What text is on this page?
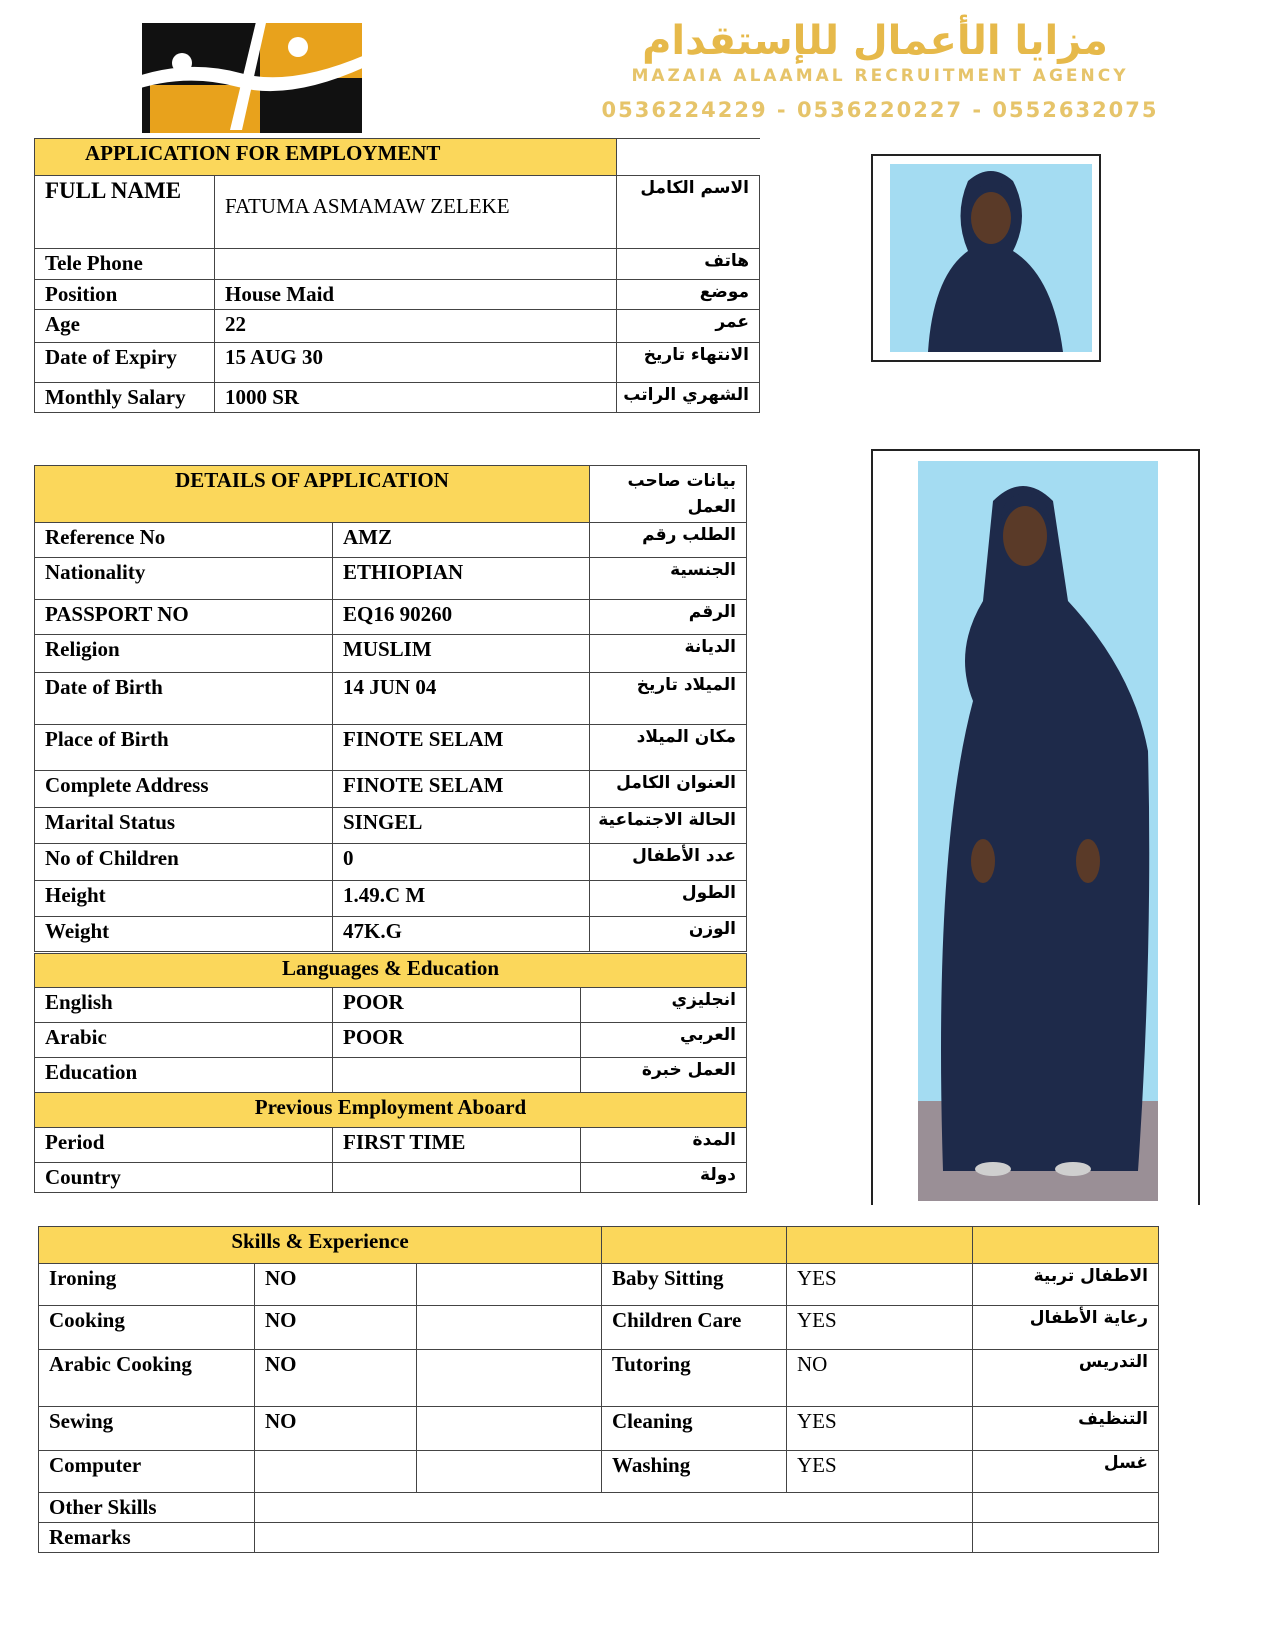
مزايا الأعمال للإستقدام
MAZAIA ALAAMAL RECRUITMENT AGENCY
0536224229 - 0536220227 - 0552632075
APPLICATION FOR EMPLOYMENT		
FULL NAME	FATUMA ASMAMAW ZELEKE	الاسم الكامل
Tele Phone		هاتف
Position	House Maid	موضع
Age	22	عمر
Date of Expiry	15 AUG 30	الانتهاء تاريخ
Monthly Salary	1000 SR	الشهري الراتب
DETAILS OF APPLICATION		بيانات صاحب العمل
Reference No	AMZ	الطلب رقم
Nationality	ETHIOPIAN	الجنسية
PASSPORT NO	EQ16 90260	الرقم
Religion	MUSLIM	الديانة
Date of Birth	14 JUN 04	الميلاد تاريخ
Place of Birth	FINOTE SELAM	مكان الميلاد
Complete Address	FINOTE SELAM	العنوان الكامل
Marital Status	SINGEL	الحالة الاجتماعية
No of Children	0	عدد الأطفال
Height	1.49.C M	الطول
Weight	47K.G	الوزن
Languages & Education		
English	POOR	انجليزي
Arabic	POOR	العربي
Education		العمل خبرة
Previous Employment Aboard		
Period	FIRST TIME	المدة
Country		دولة
Skills & Experience					
Ironing	NO		Baby Sitting	YES	الاطفال تربية
Cooking	NO		Children Care	YES	رعاية الأطفال
Arabic Cooking	NO		Tutoring	NO	التدريس
Sewing	NO		Cleaning	YES	التنظيف
Computer			Washing	YES	غسل
Other Skills					
Remarks					
